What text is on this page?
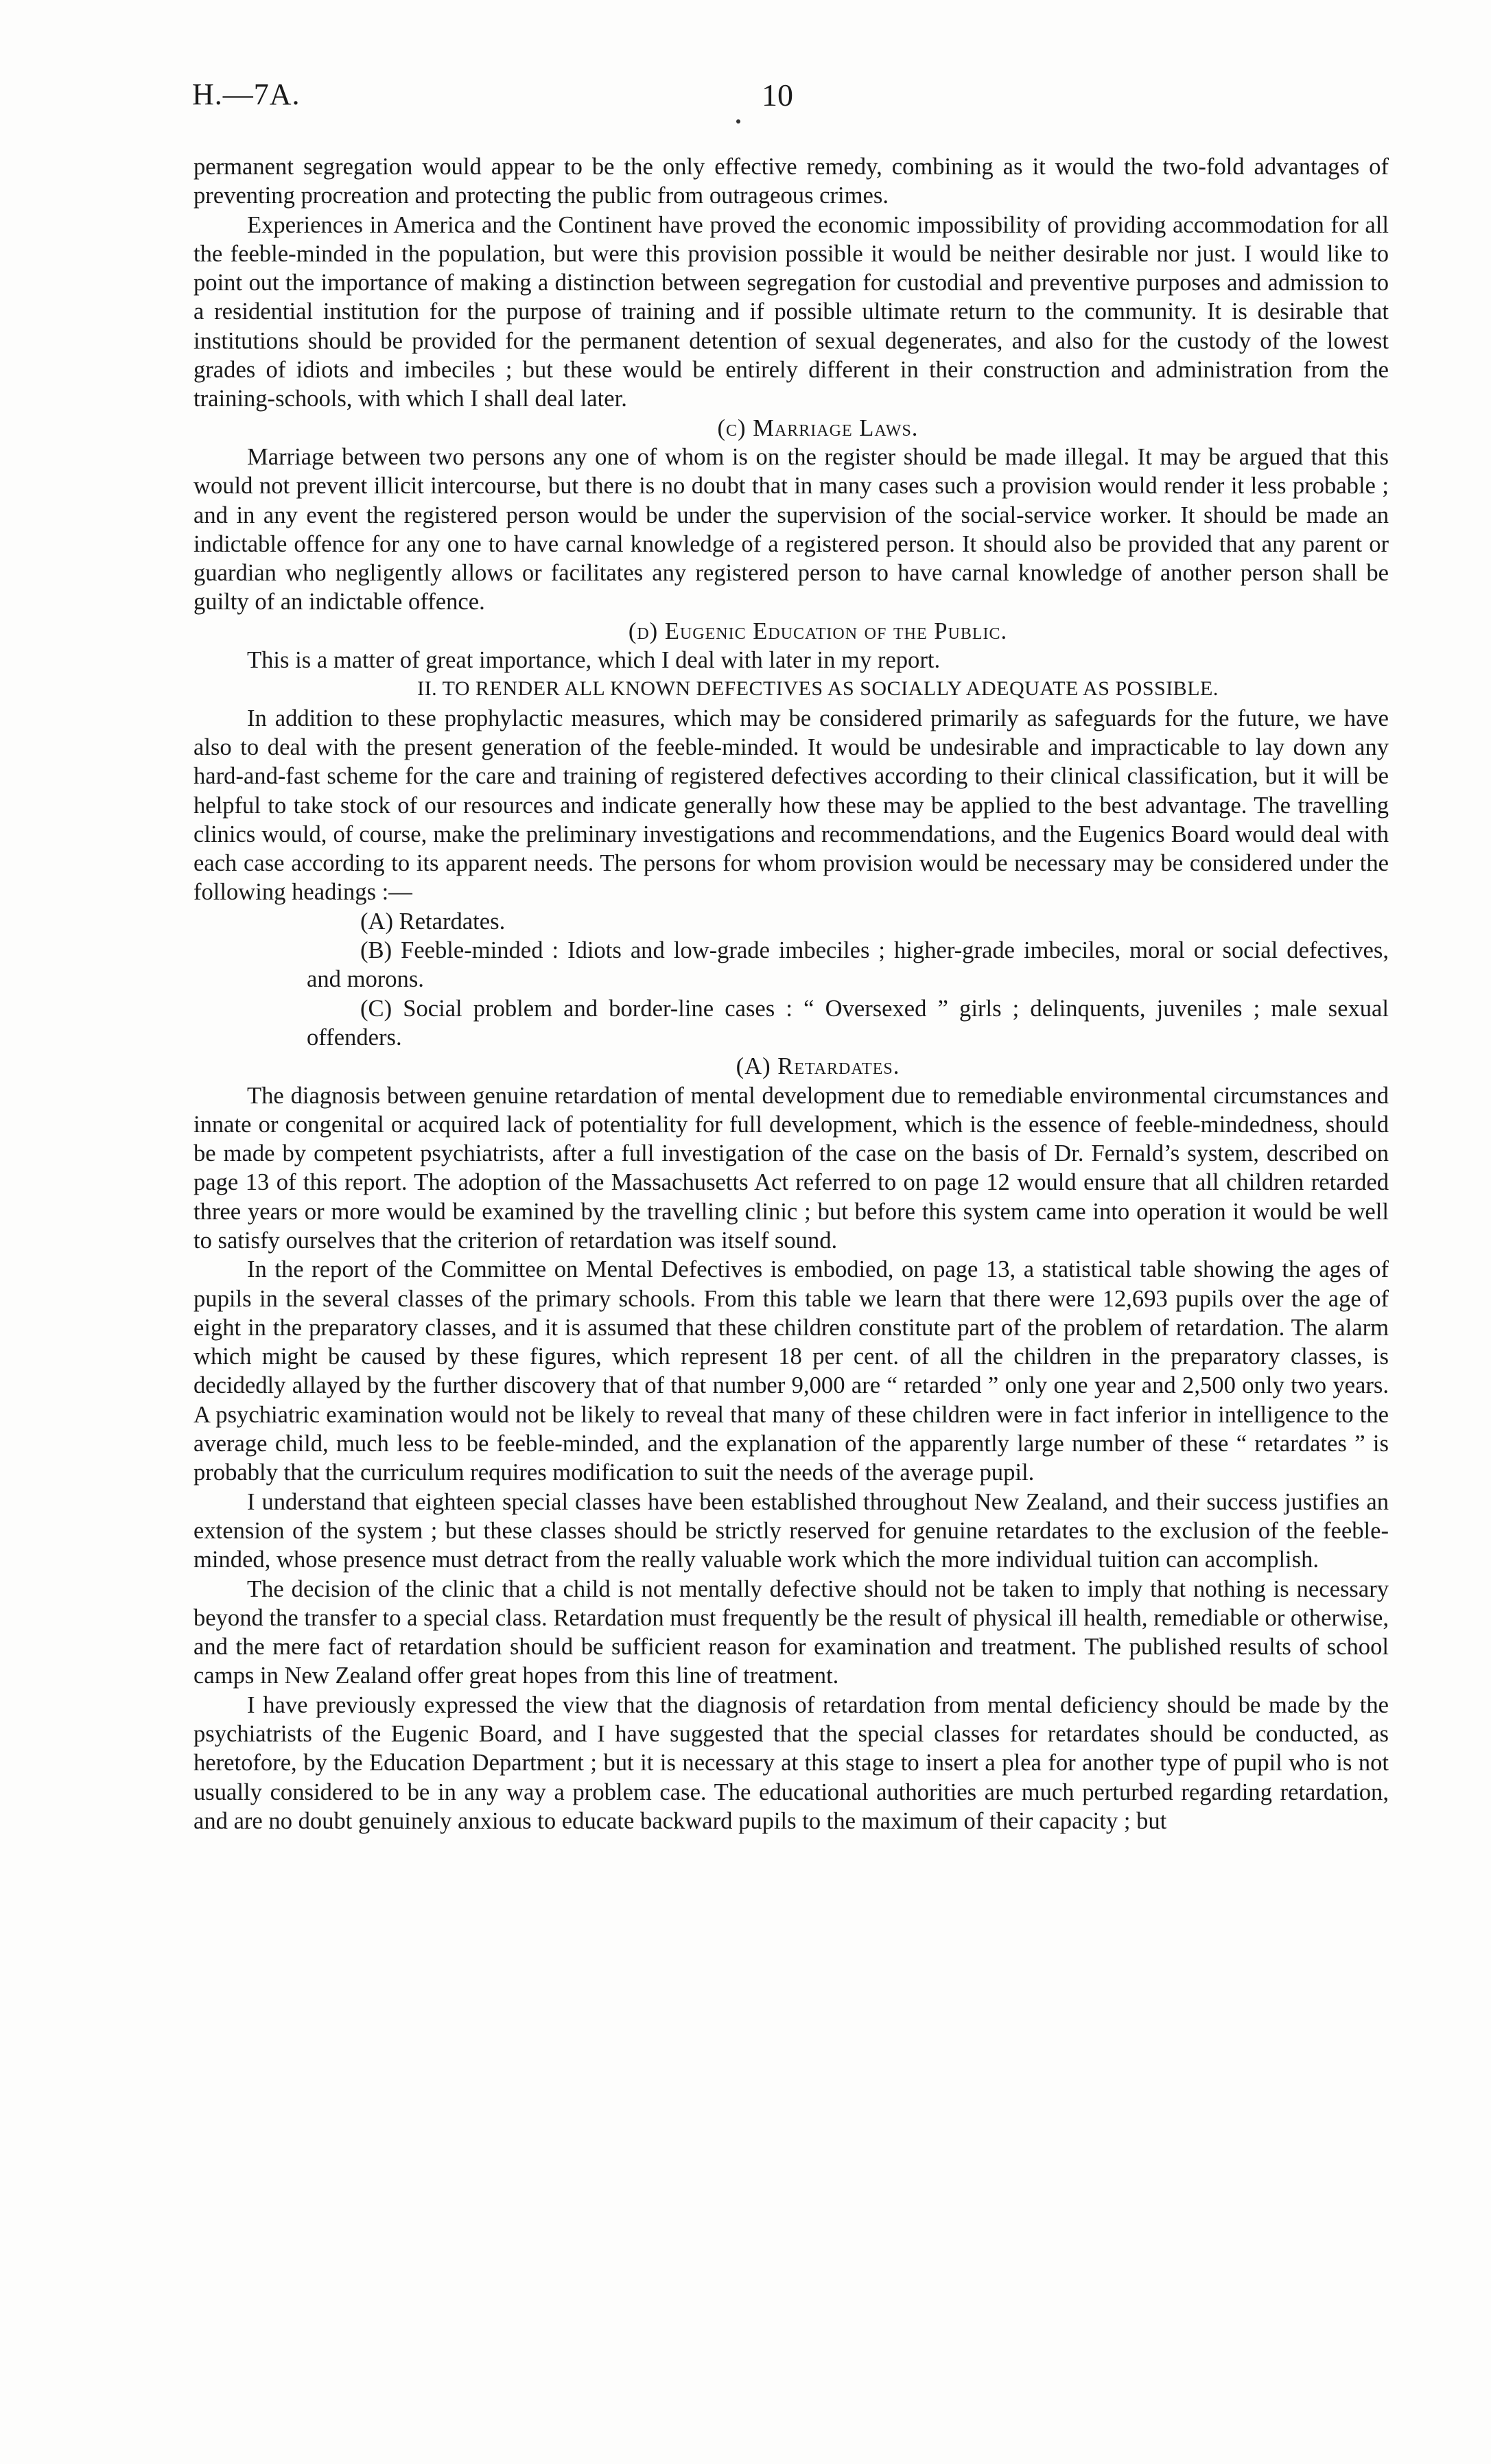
H.—7A.	10

permanent segregation would appear to be the only effective remedy, combining as it would the two-fold advantages of preventing procreation and protecting the public from outrageous crimes.

Experiences in America and the Continent have proved the economic impossibility of providing accommodation for all the feeble-minded in the population, but were this provision possible it would be neither desirable nor just. I would like to point out the importance of making a distinction between segregation for custodial and preventive purposes and admission to a residential institution for the purpose of training and if possible ultimate return to the community. It is desirable that institutions should be provided for the permanent detention of sexual degenerates, and also for the custody of the lowest grades of idiots and imbeciles ; but these would be entirely different in their construction and administration from the training-schools, with which I shall deal later.

(c) Marriage Laws.

Marriage between two persons any one of whom is on the register should be made illegal. It may be argued that this would not prevent illicit intercourse, but there is no doubt that in many cases such a provision would render it less probable ; and in any event the registered person would be under the supervision of the social-service worker. It should be made an indictable offence for any one to have carnal knowledge of a registered person. It should also be provided that any parent or guardian who negligently allows or facilitates any registered person to have carnal knowledge of another person shall be guilty of an indictable offence.

(d) Eugenic Education of the Public.

This is a matter of great importance, which I deal with later in my report.

II. TO RENDER ALL KNOWN DEFECTIVES AS SOCIALLY ADEQUATE AS POSSIBLE.

In addition to these prophylactic measures, which may be considered primarily as safeguards for the future, we have also to deal with the present generation of the feeble-minded. It would be undesirable and impracticable to lay down any hard-and-fast scheme for the care and training of registered defectives according to their clinical classification, but it will be helpful to take stock of our resources and indicate generally how these may be applied to the best advantage. The travelling clinics would, of course, make the preliminary investigations and recommendations, and the Eugenics Board would deal with each case according to its apparent needs. The persons for whom provision would be necessary may be considered under the following headings :—

(A) Retardates.

(B) Feeble-minded : Idiots and low-grade imbeciles ; higher-grade imbeciles, moral or social defectives, and morons.

(C) Social problem and border-line cases : “ Oversexed ” girls ; delinquents, juveniles ; male sexual offenders.

(A) Retardates.

The diagnosis between genuine retardation of mental development due to remediable environmental circumstances and innate or congenital or acquired lack of potentiality for full development, which is the essence of feeble-mindedness, should be made by competent psychiatrists, after a full investigation of the case on the basis of Dr. Fernald’s system, described on page 13 of this report. The adoption of the Massachusetts Act referred to on page 12 would ensure that all children retarded three years or more would be examined by the travelling clinic ; but before this system came into operation it would be well to satisfy ourselves that the criterion of retardation was itself sound.

In the report of the Committee on Mental Defectives is embodied, on page 13, a statistical table showing the ages of pupils in the several classes of the primary schools. From this table we learn that there were 12,693 pupils over the age of eight in the preparatory classes, and it is assumed that these children constitute part of the problem of retardation. The alarm which might be caused by these figures, which represent 18 per cent. of all the children in the preparatory classes, is decidedly allayed by the further discovery that of that number 9,000 are “ retarded ” only one year and 2,500 only two years. A psychiatric examination would not be likely to reveal that many of these children were in fact inferior in intelligence to the average child, much less to be feeble-minded, and the explanation of the apparently large number of these “ retardates ” is probably that the curriculum requires modification to suit the needs of the average pupil.

I understand that eighteen special classes have been established throughout New Zealand, and their success justifies an extension of the system ; but these classes should be strictly reserved for genuine retardates to the exclusion of the feeble-minded, whose presence must detract from the really valuable work which the more individual tuition can accomplish.

The decision of the clinic that a child is not mentally defective should not be taken to imply that nothing is necessary beyond the transfer to a special class. Retardation must frequently be the result of physical ill health, remediable or otherwise, and the mere fact of retardation should be sufficient reason for examination and treatment. The published results of school camps in New Zealand offer great hopes from this line of treatment.

I have previously expressed the view that the diagnosis of retardation from mental deficiency should be made by the psychiatrists of the Eugenic Board, and I have suggested that the special classes for retardates should be conducted, as heretofore, by the Education Department ; but it is necessary at this stage to insert a plea for another type of pupil who is not usually considered to be in any way a problem case. The educational authorities are much perturbed regarding retardation, and are no doubt genuinely anxious to educate backward pupils to the maximum of their capacity ; but
